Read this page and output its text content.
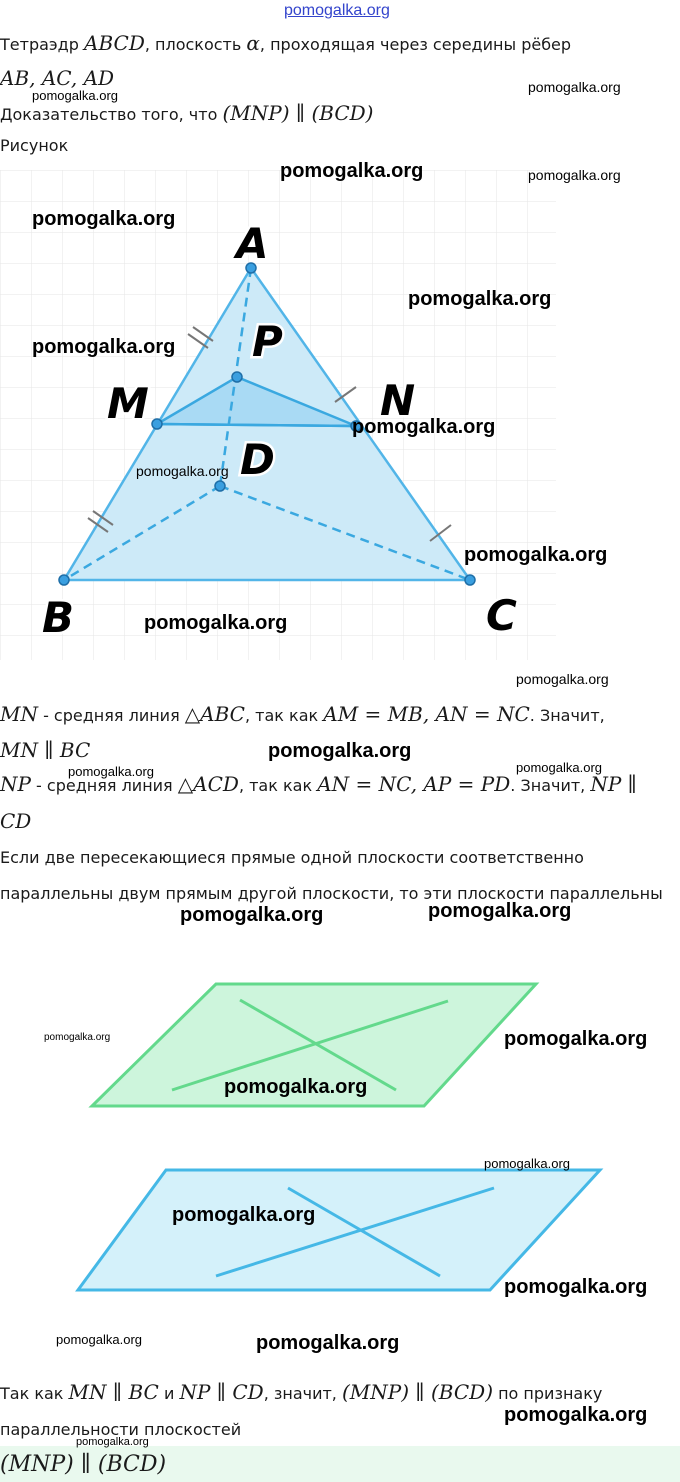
pomogalka.org
Тетраэдр ABCD, плоскость α, проходящая через середины рёбер
AB, AC, AD
Доказательство того, что (MNP) ∥ (BCD)
Рисунок
A
P
M	N
D
B	C
MN - средняя линия △ABC, так как AM = MB, AN = NC. Значит,
MN ∥ BC
NP - средняя линия △ACD, так как AN = NC, AP = PD. Значит, NP ∥
CD
Если две пересекающиеся прямые одной плоскости соответственно
параллельны двум прямым другой плоскости, то эти плоскости параллельны
Так как MN ∥ BC и NP ∥ CD, значит, (MNP) ∥ (BCD) по признаку
параллельности плоскостей
(MNP) ∥ (BCD)
pomogalka.org
pomogalka.org
pomogalka.org	pomogalka.org
pomogalka.org
pomogalka.org
pomogalka.org
pomogalka.org
pomogalka.org
pomogalka.org
pomogalka.org
pomogalka.org
pomogalka.org
pomogalka.org	pomogalka.org
pomogalka.org	pomogalka.org
pomogalka.org	pomogalka.org
pomogalka.org
pomogalka.org
pomogalka.org
pomogalka.org
pomogalka.org	pomogalka.org
pomogalka.org
pomogalka.org
